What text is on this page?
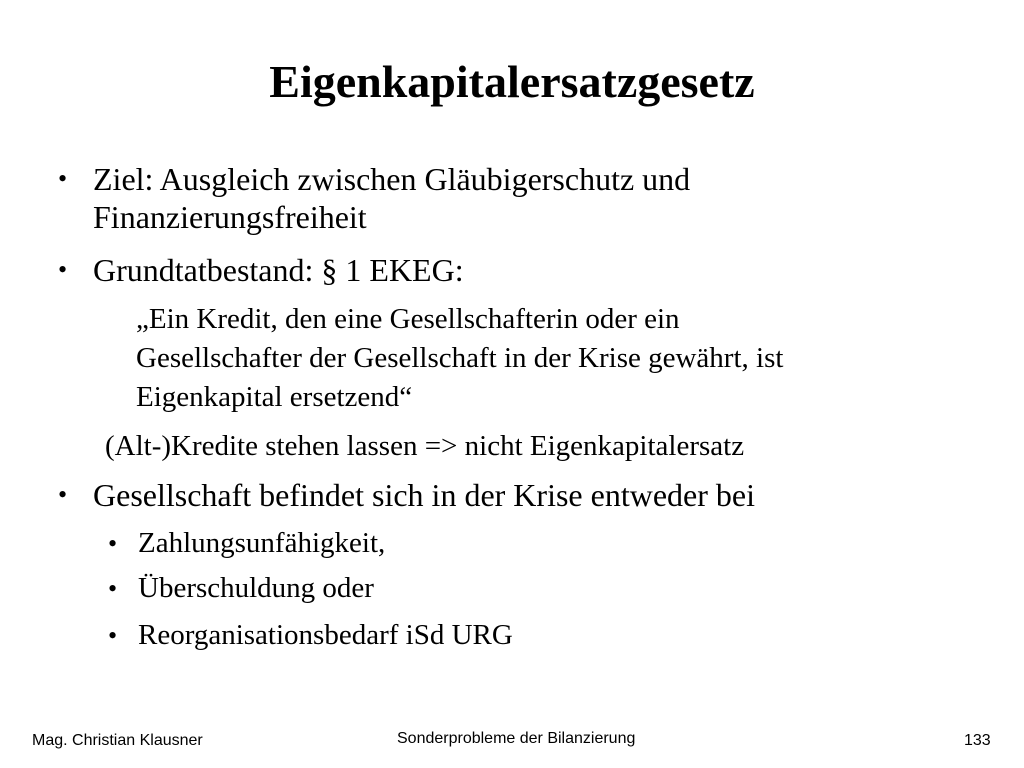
Eigenkapitalersatzgesetz
• Ziel: Ausgleich zwischen Gläubigerschutz und
Finanzierungsfreiheit
• Grundtatbestand: § 1 EKEG:
„Ein Kredit, den eine Gesellschafterin oder ein
Gesellschafter der Gesellschaft in der Krise gewährt, ist
Eigenkapital ersetzend“
(Alt-)Kredite stehen lassen => nicht Eigenkapitalersatz
• Gesellschaft befindet sich in der Krise entweder bei
• Zahlungsunfähigkeit,
• Überschuldung oder
• Reorganisationsbedarf iSd URG
Mag. Christian Klausner	Sonderprobleme der Bilanzierung	133
